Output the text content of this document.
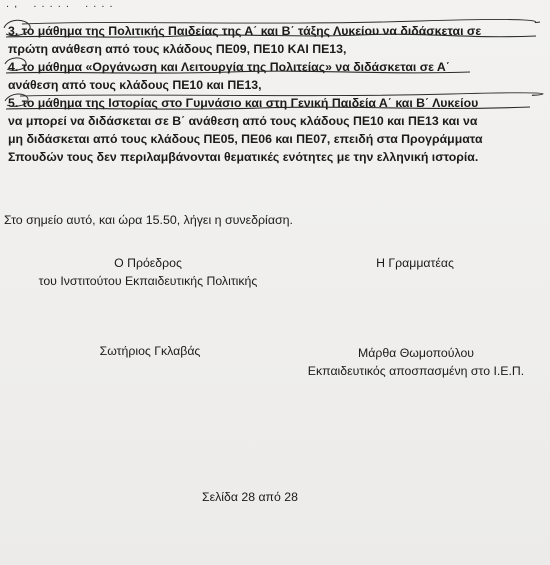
. , _ . . . . . _ . . . .

3. το μάθημα της Πολιτικής Παιδείας της Α΄ και Β΄ τάξης Λυκείου να διδάσκεται σε

πρώτη ανάθεση από τους κλάδους ΠΕ09, ΠΕ10 ΚΑΙ ΠΕ13,

4. το μάθημα «Οργάνωση και Λειτουργία της Πολιτείας» να διδάσκεται σε Α΄

ανάθεση από τους κλάδους ΠΕ10 και ΠΕ13,

5. το μάθημα της Ιστορίας στο Γυμνάσιο και στη Γενική Παιδεία Α΄ και Β΄ Λυκείου

να μπορεί να διδάσκεται σε Β΄ ανάθεση από τους κλάδους ΠΕ10 και ΠΕ13 και να

μη διδάσκεται από τους κλάδους ΠΕ05, ΠΕ06 και ΠΕ07, επειδή στα Προγράμματα

Σπουδών τους δεν περιλαμβάνονται θεματικές ενότητες με την ελληνική ιστορία.

Στο σημείο αυτό, και ώρα 15.50, λήγει η συνεδρίαση.
Ο Πρόεδρος
του Ινστιτούτου Εκπαιδευτικής Πολιτικής
Η Γραμματέας
Σωτήριος Γκλαβάς	Μάρθα Θωμοπούλου
Εκπαιδευτικός αποσπασμένη στο Ι.Ε.Π.
Σελίδα 28 από 28
